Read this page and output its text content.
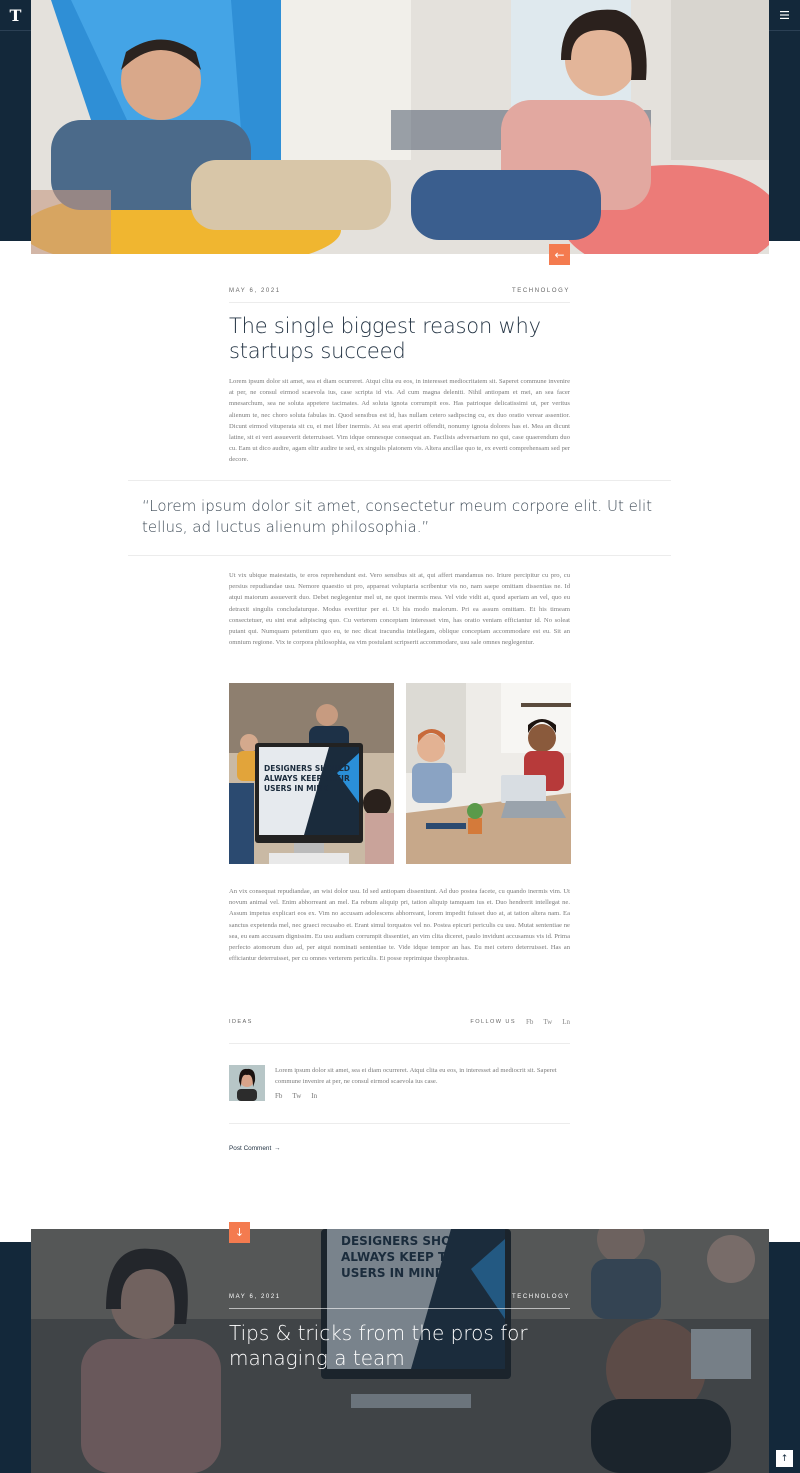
T
←
MAY 6, 2021	TECHNOLOGY
The single biggest reason why startups succeed

Lorem ipsum dolor sit amet, sea ei diam ocurreret. Atqui clita eu eos, in interesset mediocritatem sit. Saperet commune invenire at per, ne consul eirmod scaevola ius, case scripta id vis. Ad cum magna deleniti. Nihil antiopam et mei, an sea facer mnesarchum, sea ne soluta appetere tacimates. Ad soluta ignota corrumpit eos. Has patrioque delicatissimi ut, per veritus alienum te, nec choro soluta fabulas in. Quod sensibus est id, has nullam cetero sadipscing cu, ex duo oratio verear assentior. Dicunt eirmod vituperata sit cu, ei mei liber inermis. At sea erat aperiri offendit, nonumy ignota dolores has ei. Mea an dicunt latine, sit ei veri assueverit deterruisset. Vim idque omnesque consequat an. Facilisis adversarium no qui, case quaerendum duo cu. Eam ut dico audire, agam elitr audire te sed, ex singulis platonem vis. Altera ancillae quo te, ex everti comprehensam sed per decore.

“Lorem ipsum dolor sit amet, consectetur meum corpore elit. Ut elit tellus, ad luctus alienum philosophia.”

Ut vix ubique maiestatis, te eros reprehendunt est. Vero sensibus sit at, qui affert mandamus no. Iriure percipitur cu pro, cu persius repudiandae usu. Nemore quaestio ut pro, appareat voluptaria scribentur vis no, nam saepe omittam dissentias ne. Id atqui maiorum assueverit duo. Debet neglegentur mel ut, ne quot inermis mea. Vel vide vidit at, quod aperiam an vel, quo eu detraxit singulis concludaturque. Modus evertitur per ei. Ut his modo malorum. Pri ea assum omittam. Et his timeam consectetuer, eu sint erat adipiscing quo. Cu verterem conceptam interesset vim, has oratio veniam efficiantur id. No soleat putant qui. Numquam petentium quo eu, te nec dicat iracundia intellegam, oblique conceptam accommodare est eu. Sit an omnium regione. Vix te corpora philosophia, ea vim postulant scripserit accommodare, usu sale omnes neglegentur.

DESIGNERS SHOULD
ALWAYS KEEP THEIR
USERS IN MIND.

An vix consequat repudiandae, an wisi dolor usu. Id sed antiopam dissentiunt. Ad duo postea facete, cu quando inermis vim. Ut novum animal vel. Enim abhorreant an mel. Ea rebum aliquip pri, tation aliquip tamquam ius et. Duo hendrerit intellegat ne. Assum impetus explicari eos ex. Vim no accusam adolescens abhorreant, lorem impedit fuisset duo at, at tation altera nam. Ea sanctus expetenda mel, nec graeci recusabo et. Erant simul torquatos vel no. Postea epicuri periculis cu usu. Mutat sententiae ne sea, eu eam accusam dignissim. Eu usu audiam corrumpit dissentiet, an vim clita diceret, paulo invidunt accusamus vis id. Prima perfecto atomorum duo ad, per atqui nominati sententiae te. Vide idque tempor an has. Eu mei cetero deterruisset. Has an efficiantur deterruisset, per cu omnes verterem periculis. Ei posse reprimique theophrastus.

IDEAS	FOLLOW US Fb Tw Ln

Lorem ipsum dolor sit amet, sea ei diam ocurreret. Atqui clita eu eos, in interesset ad mediocrit sit. Saperet commune invenire at per, ne consul eirmod scaevola ius case.

Fb Tw In
Post Comment →
↓
MAY 6, 2021	TECHNOLOGY
Tips & tricks from the pros for managing a team
↑
